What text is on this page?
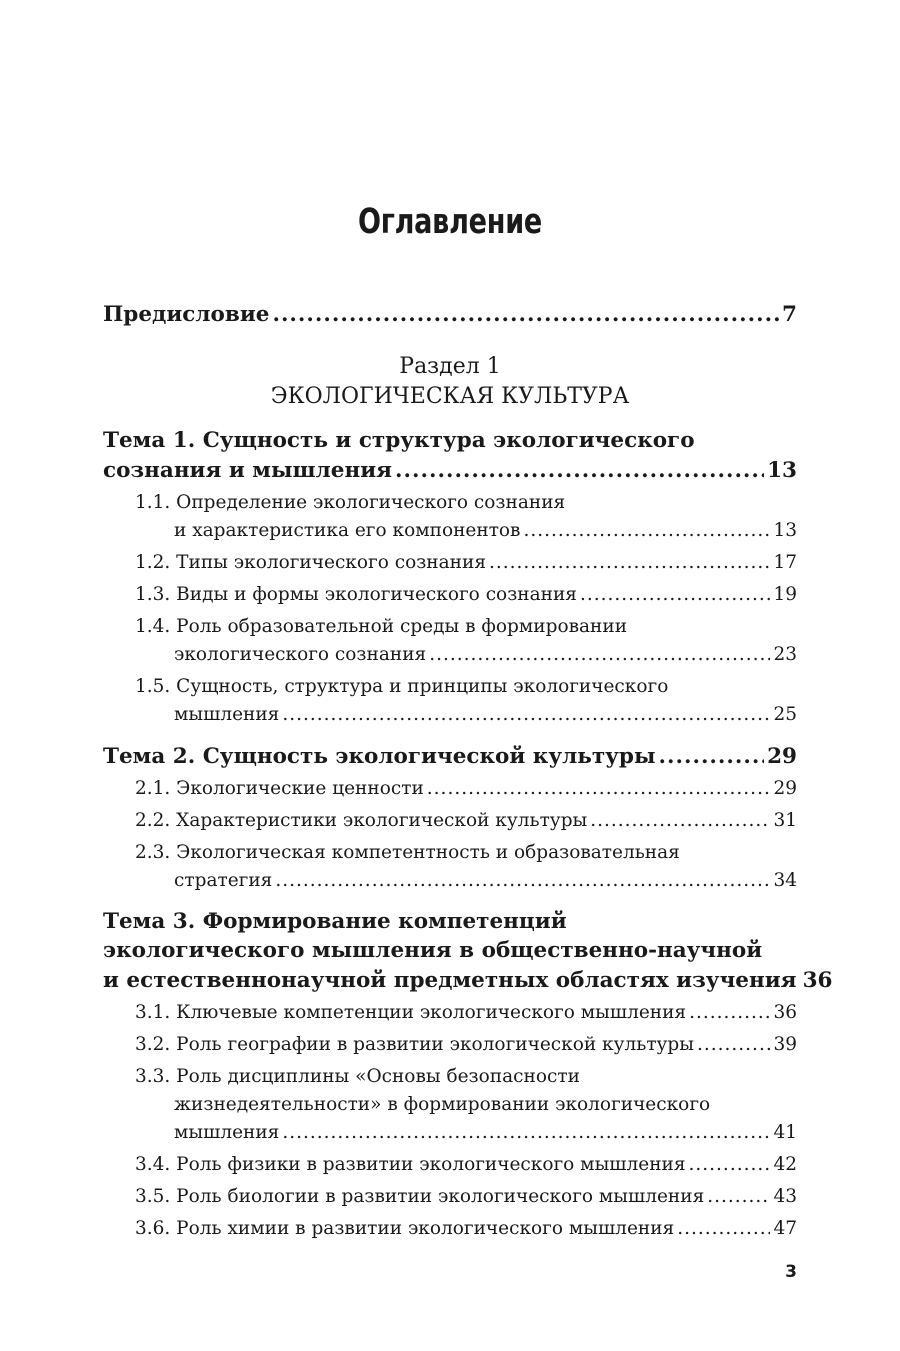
Оглавление
Предисловие .....	7
Раздел 1
ЭКОЛОГИЧЕСКАЯ КУЛЬТУРА
Тема 1. Сущность и структура экологического
сознания и мышления .....	13
1.1. Определение экологического сознания
и характеристика его компонентов .....	13
1.2. Типы экологического сознания .....	17
1.3. Виды и формы экологического сознания .....	19
1.4. Роль образовательной среды в формировании
экологического сознания .....	23
1.5. Сущность, структура и принципы экологического
мышления .....	25
Тема 2. Сущность экологической культуры .....	29
2.1. Экологические ценности .....	29
2.2. Характеристики экологической культуры .....	31
2.3. Экологическая компетентность и образовательная
стратегия .....	34
Тема 3. Формирование компетенций
экологического мышления в общественно-научной
и естественнонаучной предметных областях изучения 36
3.1. Ключевые компетенции экологического мышления .....	36
3.2. Роль географии в развитии экологической культуры .....	39
3.3. Роль дисциплины «Основы безопасности
жизнедеятельности» в формировании экологического
мышления .....	41
3.4. Роль физики в развитии экологического мышления .....	42
3.5. Роль биологии в развитии экологического мышления .....	43
3.6. Роль химии в развитии экологического мышления .....	47
3
